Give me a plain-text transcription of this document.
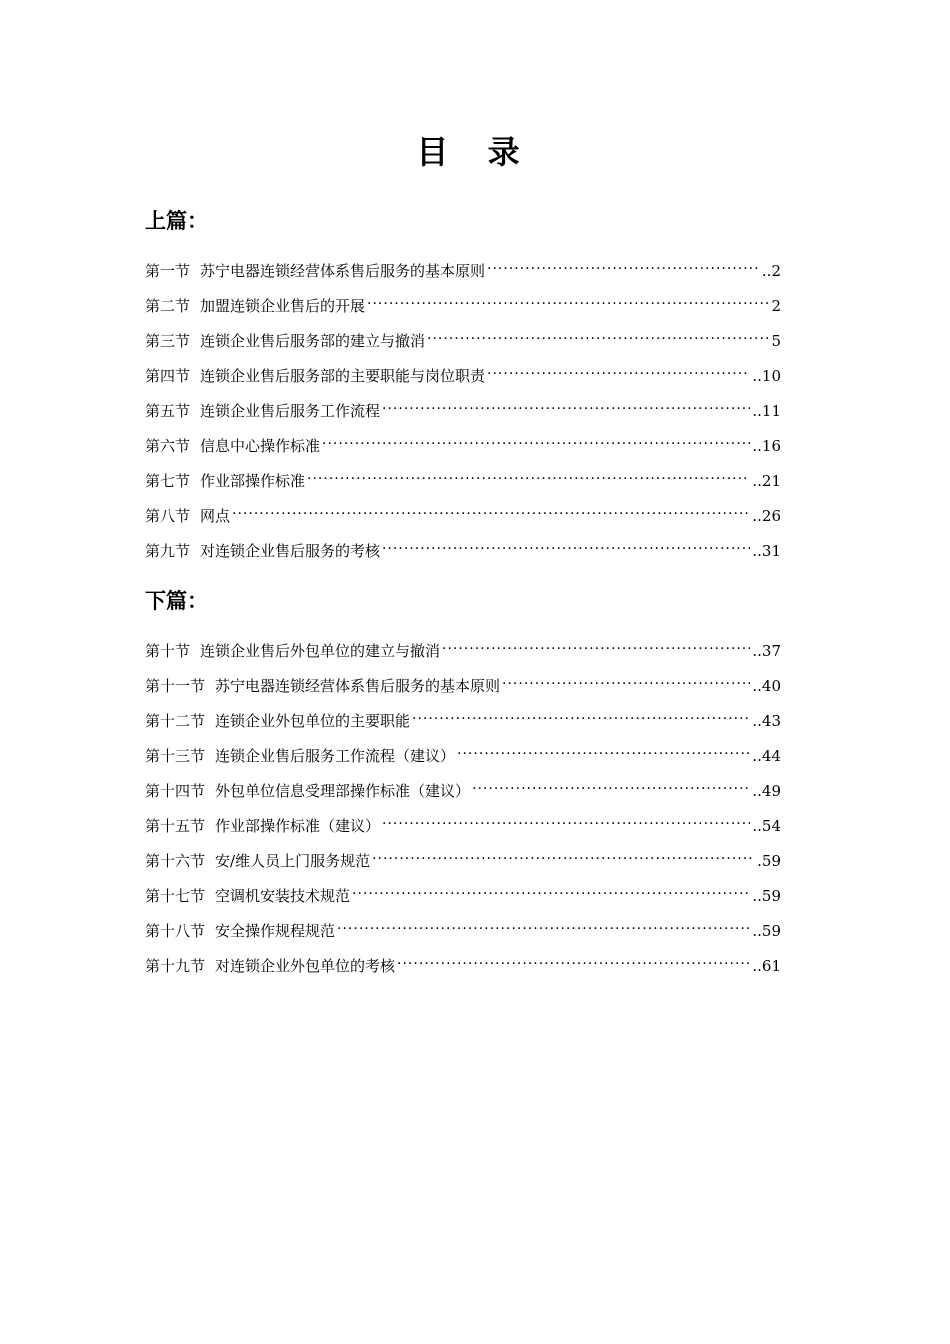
目 录
上篇：
第一节 苏宁电器连锁经营体系售后服务的基本原则 ·····	..2
第二节 加盟连锁企业售后的开展 ·····	2
第三节 连锁企业售后服务部的建立与撤消 ·····	5
第四节 连锁企业售后服务部的主要职能与岗位职责 ·····	..10
第五节 连锁企业售后服务工作流程 ·····	..11
第六节 信息中心操作标准 ·····	..16
第七节 作业部操作标准 ·····	..21
第八节 网点 ·····	..26
第九节 对连锁企业售后服务的考核 ·····	..31
下篇：
第十节 连锁企业售后外包单位的建立与撤消 ·····	..37
第十一节 苏宁电器连锁经营体系售后服务的基本原则 ·····	..40
第十二节 连锁企业外包单位的主要职能 ·····	..43
第十三节 连锁企业售后服务工作流程（建议） ·····	..44
第十四节 外包单位信息受理部操作标准（建议） ·····	..49
第十五节 作业部操作标准（建议） ·····	..54
第十六节 安/维人员上门服务规范 ·····	.59
第十七节 空调机安装技术规范 ·····	..59
第十八节 安全操作规程规范 ·····	..59
第十九节 对连锁企业外包单位的考核 ·····	..61
